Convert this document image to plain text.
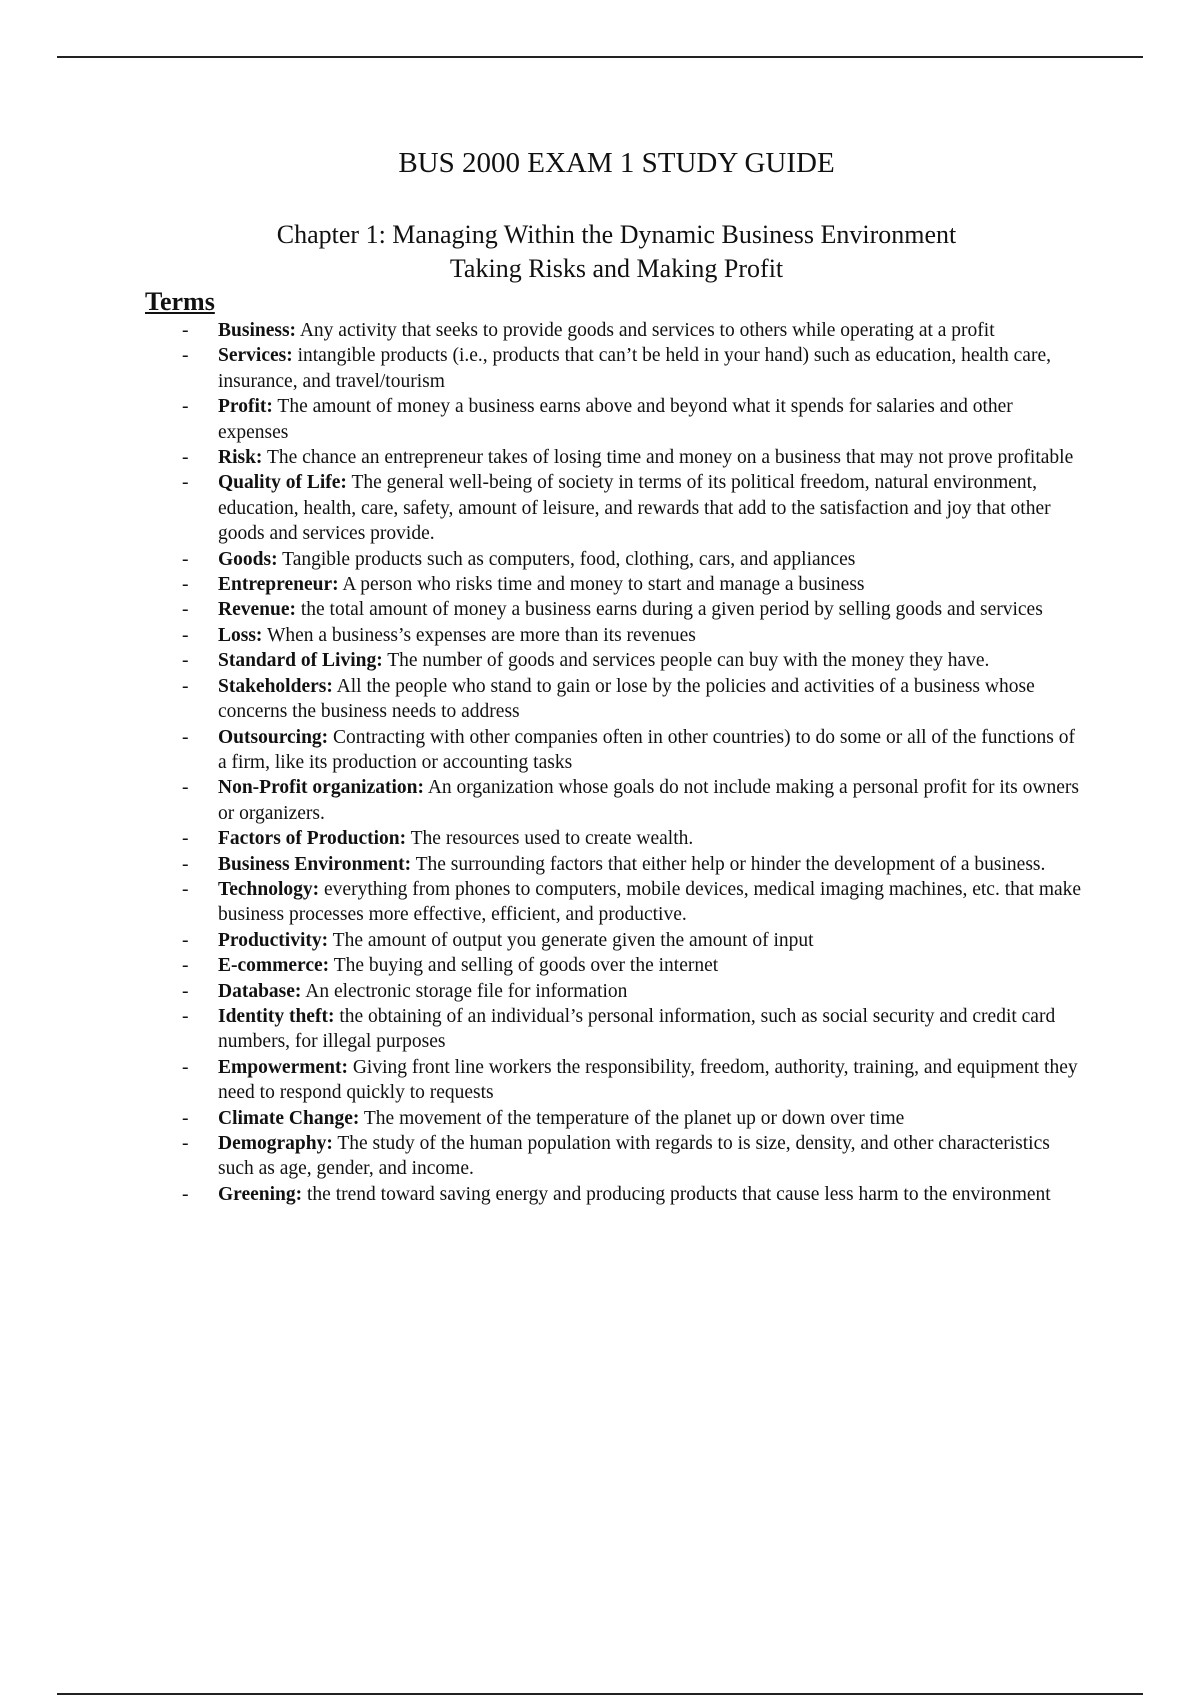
BUS 2000 EXAM 1 STUDY GUIDE
Chapter 1: Managing Within the Dynamic Business Environment
Taking Risks and Making Profit
Terms
-	Business: Any activity that seeks to provide goods and services to others while operating at a profit
-	Services: intangible products (i.e., products that can’t be held in your hand) such as education, health care, insurance, and travel/tourism
-	Profit: The amount of money a business earns above and beyond what it spends for salaries and other expenses
-	Risk: The chance an entrepreneur takes of losing time and money on a business that may not prove profitable
-	Quality of Life: The general well-being of society in terms of its political freedom, natural environment, education, health, care, safety, amount of leisure, and rewards that add to the satisfaction and joy that other goods and services provide.
-	Goods: Tangible products such as computers, food, clothing, cars, and appliances
-	Entrepreneur: A person who risks time and money to start and manage a business
-	Revenue: the total amount of money a business earns during a given period by selling goods and services
-	Loss: When a business’s expenses are more than its revenues
-	Standard of Living: The number of goods and services people can buy with the money they have.
-	Stakeholders: All the people who stand to gain or lose by the policies and activities of a business whose concerns the business needs to address
-	Outsourcing: Contracting with other companies often in other countries) to do some or all of the functions of a firm, like its production or accounting tasks
-	Non-Profit organization: An organization whose goals do not include making a personal profit for its owners or organizers.
-	Factors of Production: The resources used to create wealth.
-	Business Environment: The surrounding factors that either help or hinder the development of a business.
-	Technology: everything from phones to computers, mobile devices, medical imaging machines, etc. that make business processes more effective, efficient, and productive.
-	Productivity: The amount of output you generate given the amount of input
-	E-commerce: The buying and selling of goods over the internet
-	Database: An electronic storage file for information
-	Identity theft: the obtaining of an individual’s personal information, such as social security and credit card numbers, for illegal purposes
-	Empowerment: Giving front line workers the responsibility, freedom, authority, training, and equipment they need to respond quickly to requests
-	Climate Change: The movement of the temperature of the planet up or down over time
-	Demography: The study of the human population with regards to is size, density, and other characteristics such as age, gender, and income.
-	Greening: the trend toward saving energy and producing products that cause less harm to the environment
